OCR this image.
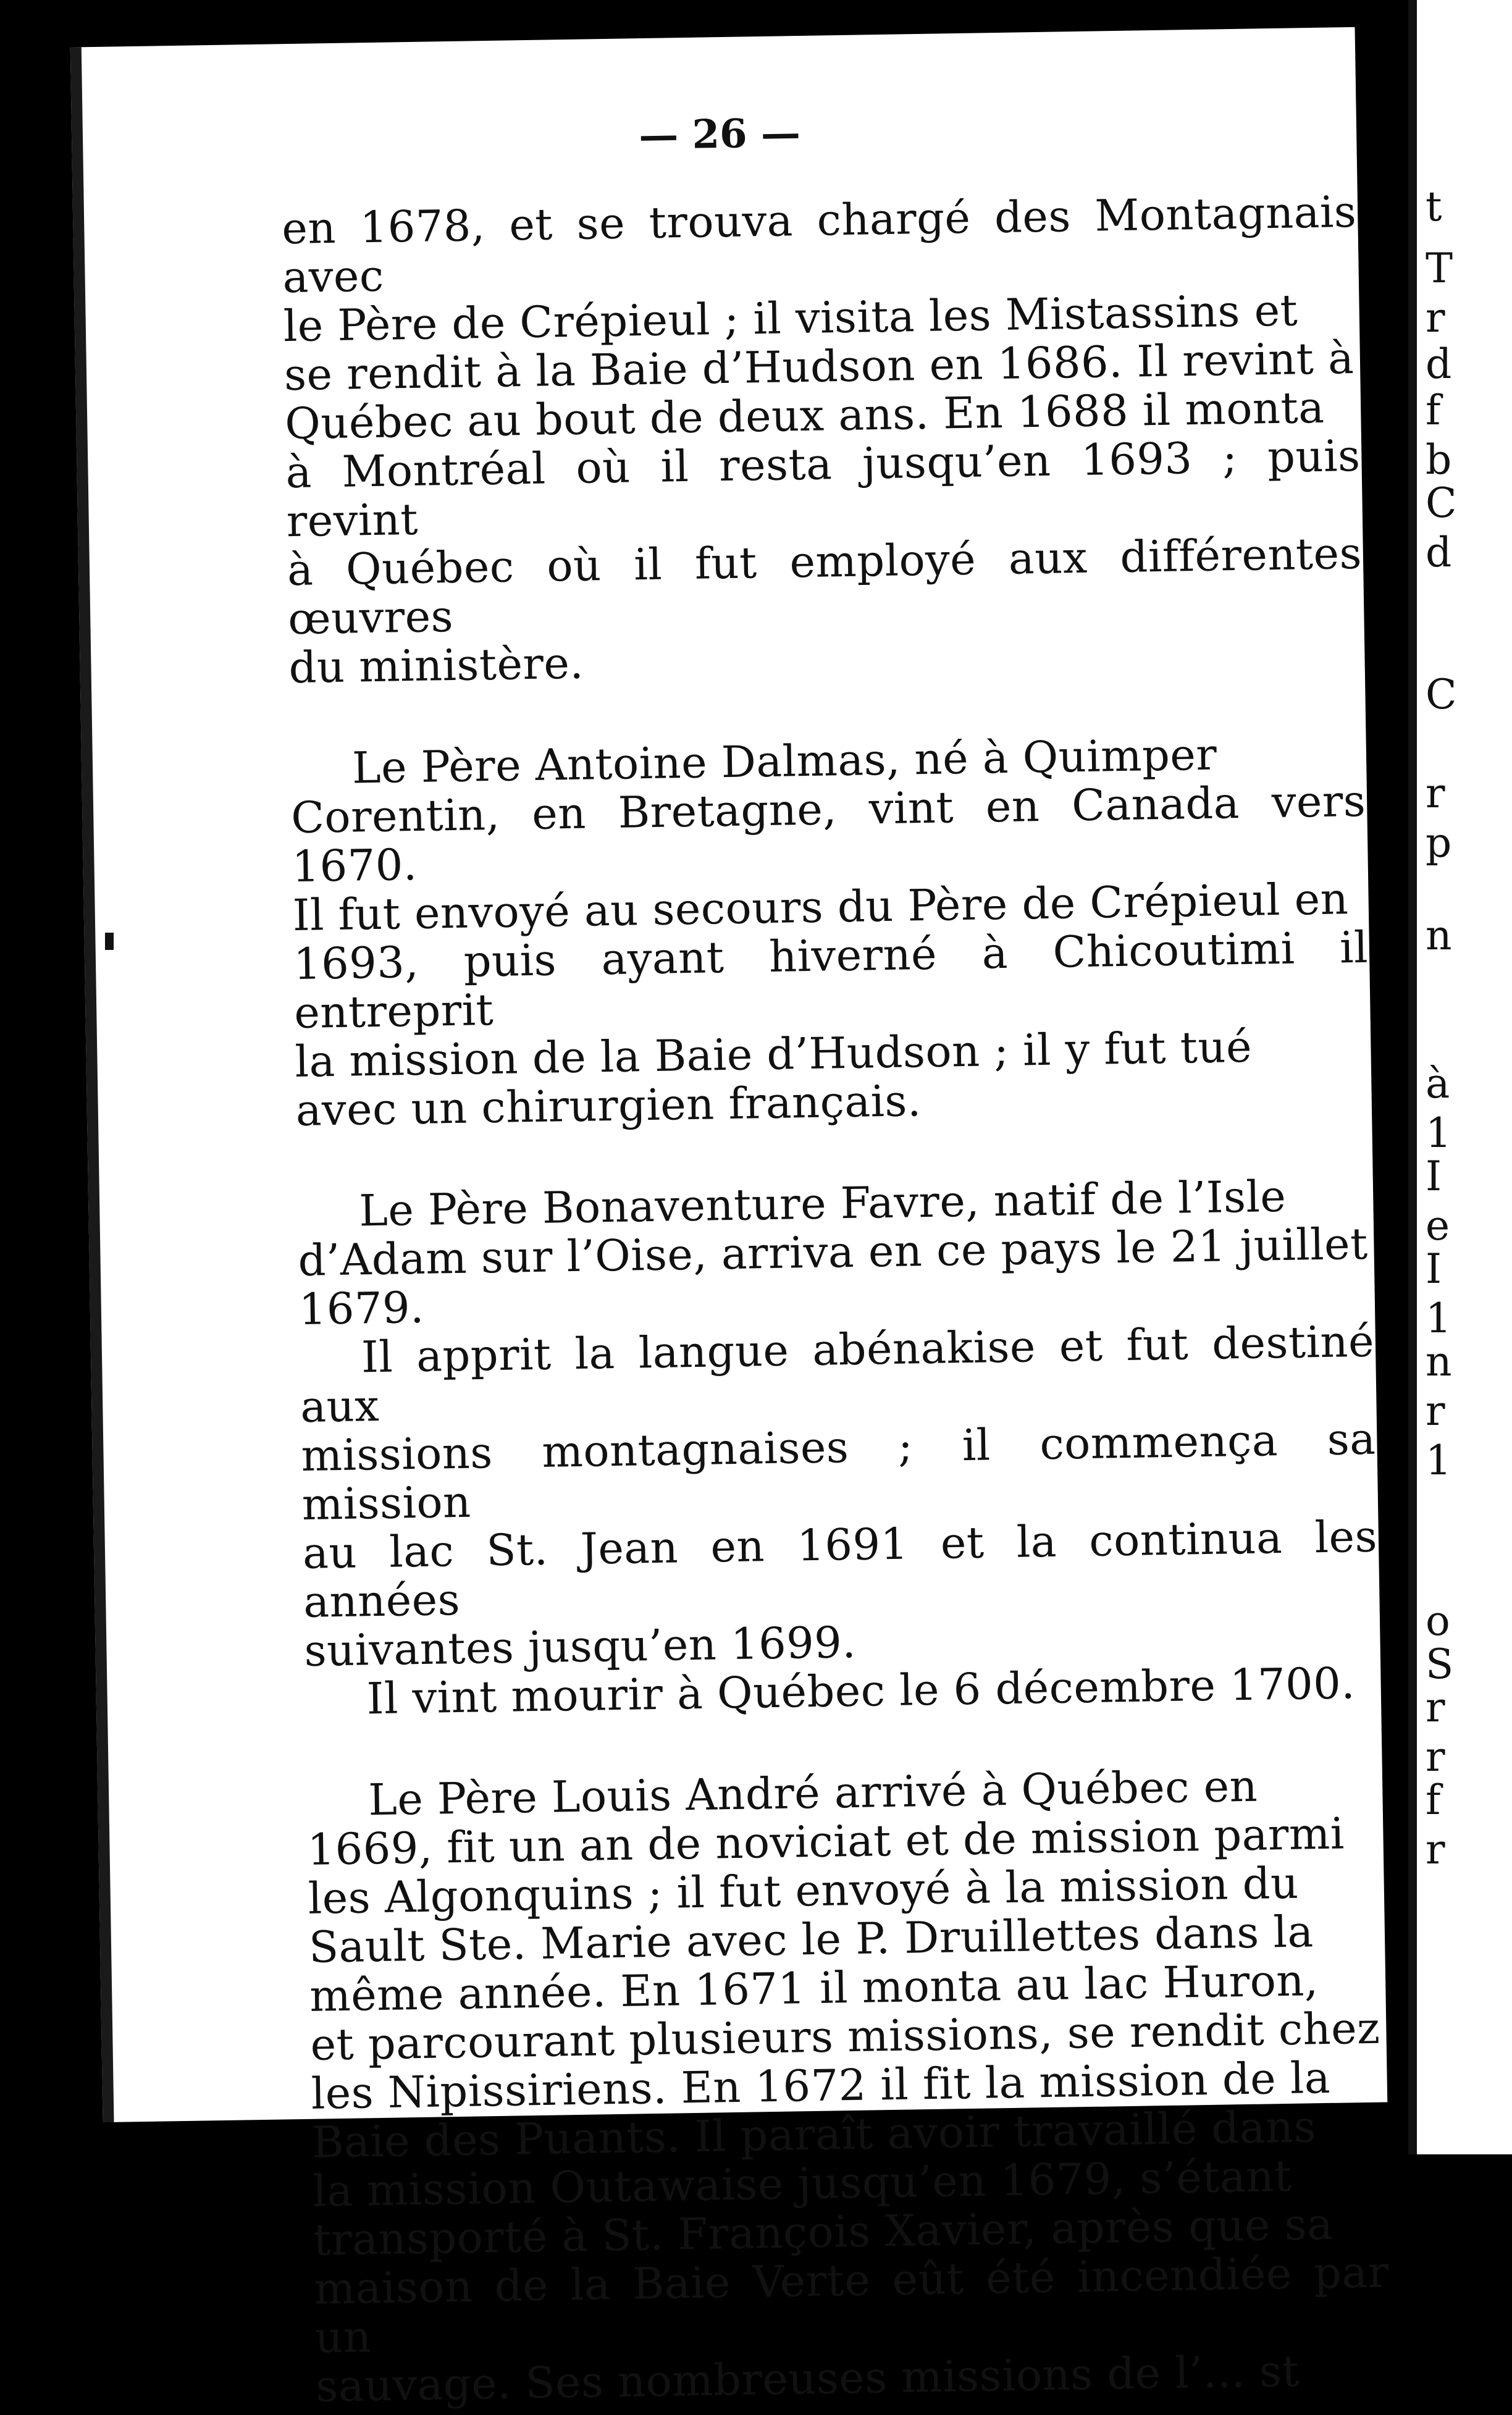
— 26 —

en 1678, et se trouva chargé des Montagnais avec
le Père de Crépieul ; il visita les Mistassins et
se rendit à la Baie d’Hudson en 1686. Il revint à
Québec au bout de deux ans. En 1688 il monta
à Montréal où il resta jusqu’en 1693 ; puis revint
à Québec où il fut employé aux différentes œuvres
du ministère.

Le Père Antoine Dalmas, né à Quimper
Corentin, en Bretagne, vint en Canada vers 1670.
Il fut envoyé au secours du Père de Crépieul en
1693, puis ayant hiverné à Chicoutimi il entreprit
la mission de la Baie d’Hudson ; il y fut tué
avec un chirurgien français.

Le Père Bonaventure Favre, natif de l’Isle
d’Adam sur l’Oise, arriva en ce pays le 21 juillet
1679.

Il apprit la langue abénakise et fut destiné aux
missions montagnaises ; il commença sa mission
au lac St. Jean en 1691 et la continua les années
suivantes jusqu’en 1699.

Il vint mourir à Québec le 6 décembre 1700.

Le Père Louis André arrivé à Québec en
1669, fit un an de noviciat et de mission parmi
les Algonquins ; il fut envoyé à la mission du
Sault Ste. Marie avec le P. Druillettes dans la
même année. En 1671 il monta au lac Huron,
et parcourant plusieurs missions, se rendit chez
les Nipissiriens. En 1672 il fit la mission de la
Baie des Puants. Il paraît avoir travaillé dans
la mission Outawaise jusqu’en 1679, s’étant
transporté à St. François Xavier, après que sa
maison de la Baie Verte eût été incendiée par un
sauvage. Ses nombreuses missions de l’... st

t
T
r
d
f
b
C
d
C
r
p
n
à
1
I
e
I
1
n
r
1
o
S
r
r
f
r
